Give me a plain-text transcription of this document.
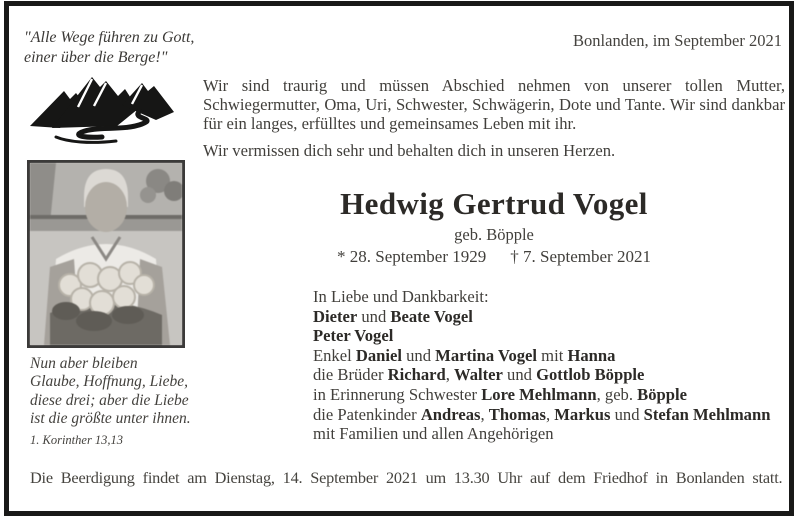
"Alle Wege führen zu Gott,
einer über die Berge!"
Bonlanden, im September 2021

Wir sind traurig und müssen Abschied nehmen von unserer tollen Mutter, Schwiegermutter, Oma, Uri, Schwester, Schwägerin, Dote und Tante. Wir sind dankbar für ein langes, erfülltes und gemeinsames Leben mit ihr.

Wir vermissen dich sehr und behalten dich in unseren Herzen.

Hedwig Gertrud Vogel
geb. Böpple
* 28. September 1929 † 7. September 2021
In Liebe und Dankbarkeit:
Dieter und Beate Vogel
Peter Vogel
Enkel Daniel und Martina Vogel mit Hanna
die Brüder Richard, Walter und Gottlob Böpple
in Erinnerung Schwester Lore Mehlmann, geb. Böpple
die Patenkinder Andreas, Thomas, Markus und Stefan Mehlmann
mit Familien und allen Angehörigen
Nun aber bleiben
Glaube, Hoffnung, Liebe,
diese drei; aber die Liebe
ist die größte unter ihnen.
1. Korinther 13,13
Die Beerdigung findet am Dienstag, 14. September 2021 um 13.30 Uhr auf dem Friedhof in Bonlanden statt.
